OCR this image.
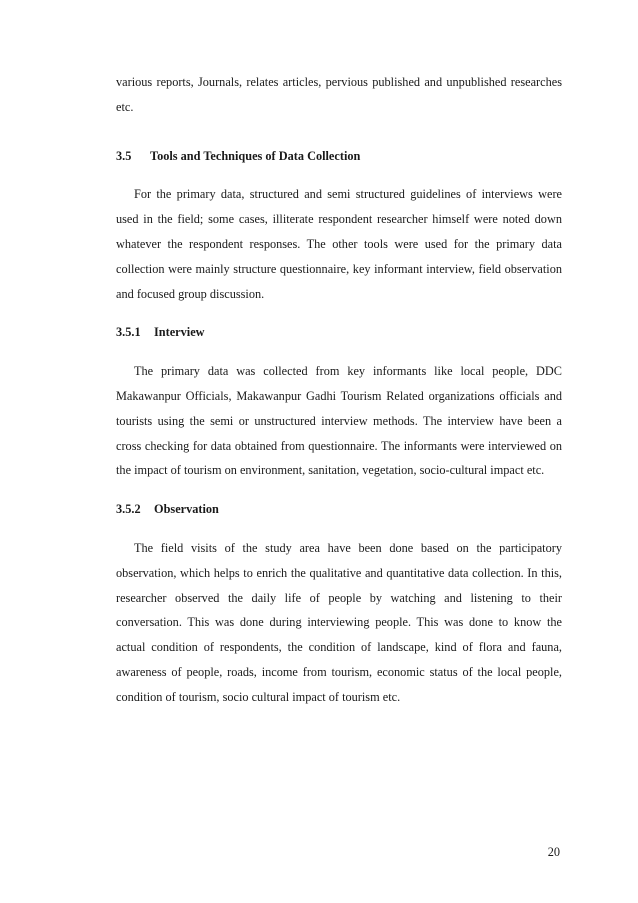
various reports, Journals, relates articles, pervious published and unpublished researches etc.

3.5	Tools and Techniques of Data Collection

For the primary data, structured and semi structured guidelines of interviews were used in the field; some cases, illiterate respondent researcher himself were noted down whatever the respondent responses. The other tools were used for the primary data collection were mainly structure questionnaire, key informant interview, field observation and focused group discussion.

3.5.1	Interview

The primary data was collected from key informants like local people, DDC Makawanpur Officials, Makawanpur Gadhi Tourism Related organizations officials and tourists using the semi or unstructured interview methods. The interview have been a cross checking for data obtained from questionnaire. The informants were interviewed on the impact of tourism on environment, sanitation, vegetation, socio-cultural impact etc.

3.5.2	Observation

The field visits of the study area have been done based on the participatory observation, which helps to enrich the qualitative and quantitative data collection. In this, researcher observed the daily life of people by watching and listening to their conversation. This was done during interviewing people. This was done to know the actual condition of respondents, the condition of landscape, kind of flora and fauna, awareness of people, roads, income from tourism, economic status of the local people, condition of tourism, socio cultural impact of tourism etc.

20
